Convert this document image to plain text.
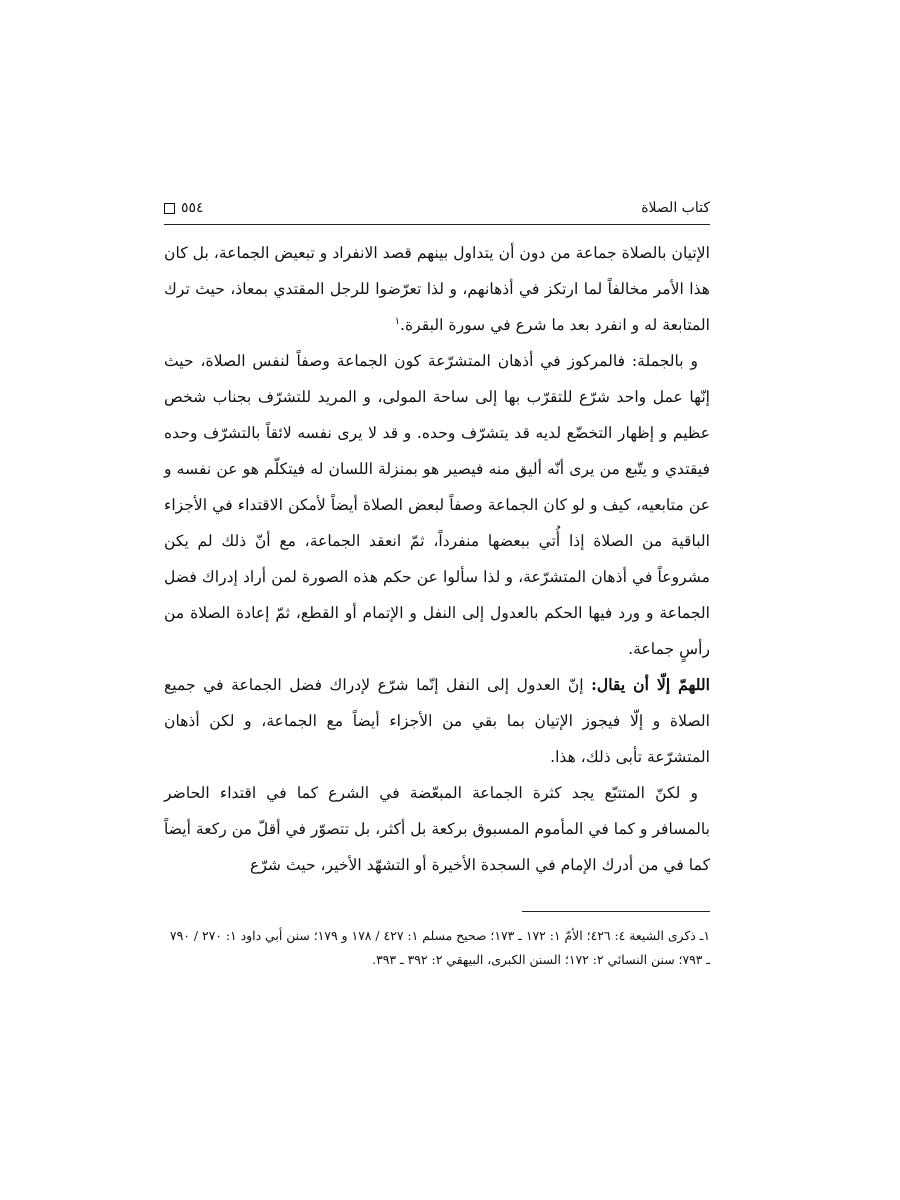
كتاب الصلاة
٥٥٤

الإتيان بالصلاة جماعة من دون أن يتداول بينهم قصد الانفراد و تبعيض الجماعة، بل كان هذا الأمر مخالفاً لما ارتكز في أذهانهم، و لذا تعرّضوا للرجل المقتدي بمعاذ، حيث ترك المتابعة له و انفرد بعد ما شرع في سورة البقرة.$^١$

و بالجملة: فالمركوز في أذهان المتشرّعة كون الجماعة وصفاً لنفس الصلاة، حيث إنّها عمل واحد شرّع للتقرّب بها إلى ساحة المولى، و المريد للتشرّف بجناب شخص عظيم و إظهار التخضّع لديه قد يتشرّف وحده. و قد لا يرى نفسه لائقاً بالتشرّف وحده فيقتدي و يتّبع من يرى أنّه أليق منه فيصير هو بمنزلة اللسان له فيتكلّم هو عن نفسه و عن متابعيه، كيف و لو كان الجماعة وصفاً لبعض الصلاة أيضاً لأمكن الاقتداء في الأجزاء الباقية من الصلاة إذا أُتي ببعضها منفرداً، ثمّ انعقد الجماعة، مع أنّ ذلك لم يكن مشروعاً في أذهان المتشرّعة، و لذا سألوا عن حكم هذه الصورة لمن أراد إدراك فضل الجماعة و ورد فيها الحكم بالعدول إلى النفل و الإتمام أو القطع، ثمّ إعادة الصلاة من رأسٍ جماعة.

اللهمّ إلّا أن يقال: إنّ العدول إلى النفل إنّما شرّع لإدراك فضل الجماعة في جميع الصلاة و إلّا فيجوز الإتيان بما بقي من الأجزاء أيضاً مع الجماعة، و لكن أذهان المتشرّعة تأبى ذلك، هذا.

و لكنّ المتتبّع يجد كثرة الجماعة المبعّضة في الشرع كما في اقتداء الحاضر بالمسافر و كما في المأموم المسبوق بركعة بل أكثر، بل تتصوّر في أقلّ من ركعة أيضاً كما في من أدرك الإمام في السجدة الأخيرة أو التشهّد الأخير، حيث شرّع

١ـ ذكرى الشيعة ٤: ٤٢٦؛ الأمّ ١: ١٧٢ ـ ١٧٣؛ صحيح مسلم ١: ٤٢٧ / ١٧٨ و ١٧٩؛ سنن أبي داود ١: ٢٧٠ / ٧٩٠ ـ ٧٩٣؛ سنن النسائي ٢: ١٧٢؛ السنن الكبرى، البيهقي ٢: ٣٩٢ ـ ٣٩٣.
